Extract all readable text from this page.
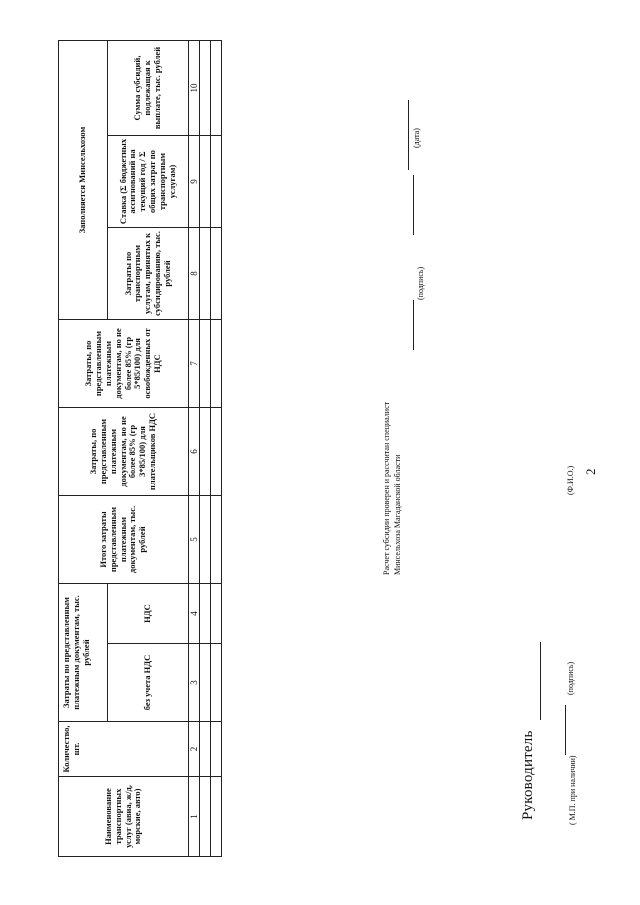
2
Наименование транспортных услуг (авиа, ж/д, морские, авто)	Количество, шт.	Затраты по представленным платежным документам, тыс. рублей		Итого затраты представленным платежным документам, тыс. рублей	Затраты, по представленным платежным документам, но не более 85% (гр 3*85/100) для плательщиков НДС	Затраты, по представленным платежным документам, но не более 85% (гр 5*85/100) для освобожденных от НДС	Заполняется Минсельхозом		
		без учета НДС	НДС				Затраты по транспортным услугам, принятых к субсидированию, тыс. рублей	Ставка (Σ бюджетных ассигнований на текущий год / Σ общих затрат по транспортным услугам)	Сумма субсидий, подлежащая к выплате, тыс. рублей
1	2	3	4	5	6	7	8	9	10

Руководитель	( М.П. при наличии)
(подпись)
(Ф.И.О.)
Расчет субсидии проверен и рассчитан специалист Минсельхоза Магаданской области
(подпись)
(дата)
